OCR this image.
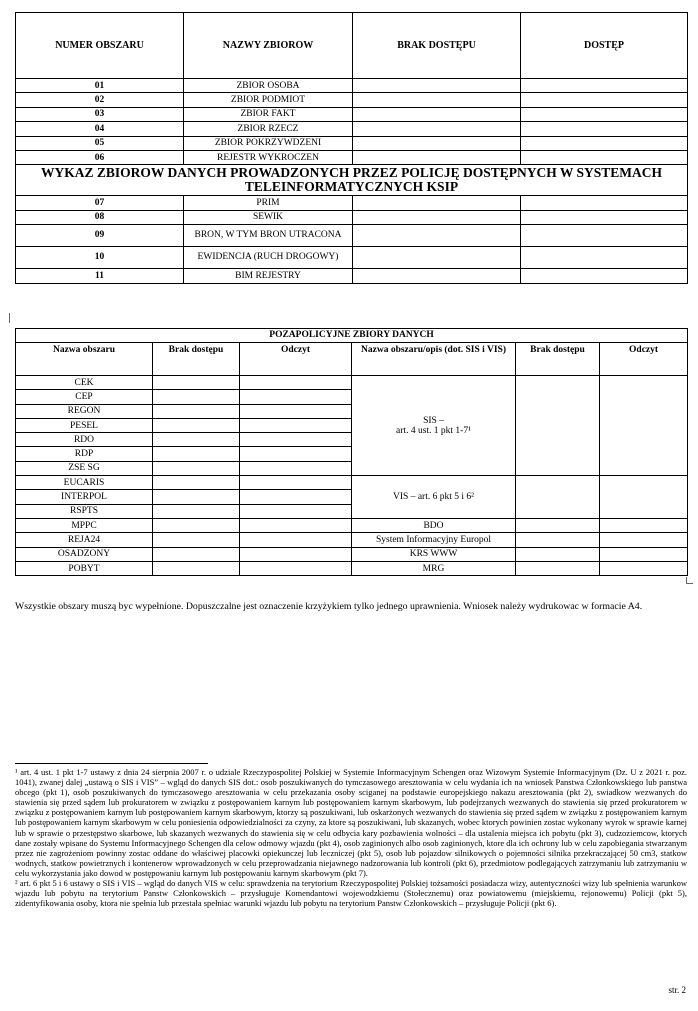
NUMER OBSZARU	NAZWY ZBIOROW	BRAK DOSTĘPU	DOSTĘP
01	ZBIOR OSOBA		
02	ZBIOR PODMIOT		
03	ZBIOR FAKT		
04	ZBIOR RZECZ		
05	ZBIOR POKRZYWDZENI		
06	REJESTR WYKROCZEN		
WYKAZ ZBIOROW DANYCH PROWADZONYCH PRZEZ POLICJĘ DOSTĘPNYCH W SYSTEMACH TELEINFORMATYCZNYCH KSIP			
07	PRIM		
08	SEWIK		
09	BRON, W TYM BRON UTRACONA		
10	EWIDENCJA (RUCH DROGOWY)		
11	BIM REJESTRY		
POZAPOLICYJNE ZBIORY DANYCH					
Nazwa obszaru	Brak dostępu	Odczyt	Nazwa obszaru/opis (dot. SIS i VIS)	Brak dostępu	Odczyt
CEK			SIS –
art. 4 ust. 1 pkt 1-7¹		
CEP					
REGON					
PESEL					
RDO					
RDP					
ZSE SG					
EUCARIS			VIS – art. 6 pkt 5 i 6²		
INTERPOL					
RSPTS					
MPPC			BDO		
REJA24			System Informacyjny Europol		
OSADZONY			KRS WWW		
POBYT			MRG		
Wszystkie obszary muszą byc wypełnione. Dopuszczalne jest oznaczenie krzyżykiem tylko jednego uprawnienia. Wniosek należy wydrukowac w formacie A4.

¹ art. 4 ust. 1 pkt 1-7 ustawy z dnia 24 sierpnia 2007 r. o udziale Rzeczypospolitej Polskiej w Systemie Informacyjnym Schengen oraz Wizowym Systemie Informacyjnym (Dz. U z 2021 r. poz. 1041), zwanej dalej „ustawą o SIS i VIS” – wgląd do danych SIS dot.: osob poszukiwanych do tymczasowego aresztowania w celu wydania ich na wniosek Panstwa Członkowskiego lub panstwa obcego (pkt 1), osob poszukiwanych do tymczasowego aresztowania w celu przekazania osoby sciganej na podstawie europejskiego nakazu aresztowania (pkt 2), swiadkow wezwanych do stawienia się przed sądem lub prokuratorem w związku z postępowaniem karnym lub postępowaniem karnym skarbowym, lub podejrzanych wezwanych do stawienia się przed prokuratorem w związku z postępowaniem karnym lub postępowaniem karnym skarbowym, ktorzy są poszukiwani, lub oskarżonych wezwanych do stawienia się przed sądem w związku z postępowaniem karnym lub postępowaniem karnym skarbowym w celu poniesienia odpowiedzialności za czyny, za ktore są poszukiwani, lub skazanych, wobec ktorych powinien zostac wykonany wyrok w sprawie karnej lub w sprawie o przestępstwo skarbowe, lub skazanych wezwanych do stawienia się w celu odbycia kary pozbawienia wolności – dla ustalenia miejsca ich pobytu (pkt 3), cudzoziemcow, ktorych dane zostały wpisane do Systemu Informacyjnego Schengen dla celow odmowy wjazdu (pkt 4), osob zaginionych albo osob zaginionych, ktore dla ich ochrony lub w celu zapobiegania stwarzanym przez nie zagrożeniom powinny zostac oddane do właściwej placowki opiekunczej lub leczniczej (pkt 5), osob lub pojazdow silnikowych o pojemności silnika przekraczającej 50 cm3, statkow wodnych, statkow powietrznych i kontenerow wprowadzonych w celu przeprowadzania niejawnego nadzorowania lub kontroli (pkt 6), przedmiotow podlegających zatrzymaniu lub zatrzymaniu w celu wykorzystania jako dowod w postępowaniu karnym lub postępowaniu karnym skarbowym (pkt 7).

² art. 6 pkt 5 i 6 ustawy o SIS i VIS – wgląd do danych VIS w celu: sprawdzenia na terytorium Rzeczypospolitej Polskiej tożsamości posiadacza wizy, autentyczności wizy lub spełnienia warunkow wjazdu lub pobytu na terytorium Panstw Członkowskich – przysługuje Komendantowi wojewodzkiemu (Stołecznemu) oraz powiatowemu (miejskiemu, rejonowemu) Policji (pkt 5), zidentyfikowania osoby, ktora nie spełnia lub przestała spełniac warunki wjazdu lub pobytu na terytorium Panstw Członkowskich – przysługuje Policji (pkt 6).

str. 2
